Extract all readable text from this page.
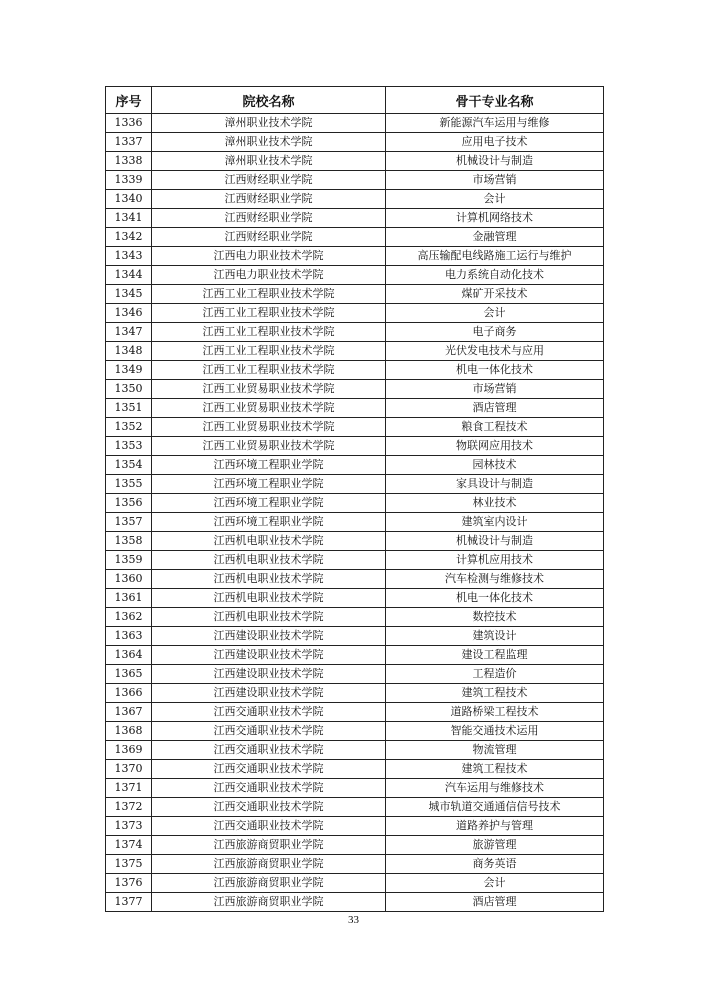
序号	院校名称	骨干专业名称
1336	漳州职业技术学院	新能源汽车运用与维修
1337	漳州职业技术学院	应用电子技术
1338	漳州职业技术学院	机械设计与制造
1339	江西财经职业学院	市场营销
1340	江西财经职业学院	会计
1341	江西财经职业学院	计算机网络技术
1342	江西财经职业学院	金融管理
1343	江西电力职业技术学院	高压输配电线路施工运行与维护
1344	江西电力职业技术学院	电力系统自动化技术
1345	江西工业工程职业技术学院	煤矿开采技术
1346	江西工业工程职业技术学院	会计
1347	江西工业工程职业技术学院	电子商务
1348	江西工业工程职业技术学院	光伏发电技术与应用
1349	江西工业工程职业技术学院	机电一体化技术
1350	江西工业贸易职业技术学院	市场营销
1351	江西工业贸易职业技术学院	酒店管理
1352	江西工业贸易职业技术学院	粮食工程技术
1353	江西工业贸易职业技术学院	物联网应用技术
1354	江西环境工程职业学院	园林技术
1355	江西环境工程职业学院	家具设计与制造
1356	江西环境工程职业学院	林业技术
1357	江西环境工程职业学院	建筑室内设计
1358	江西机电职业技术学院	机械设计与制造
1359	江西机电职业技术学院	计算机应用技术
1360	江西机电职业技术学院	汽车检测与维修技术
1361	江西机电职业技术学院	机电一体化技术
1362	江西机电职业技术学院	数控技术
1363	江西建设职业技术学院	建筑设计
1364	江西建设职业技术学院	建设工程监理
1365	江西建设职业技术学院	工程造价
1366	江西建设职业技术学院	建筑工程技术
1367	江西交通职业技术学院	道路桥梁工程技术
1368	江西交通职业技术学院	智能交通技术运用
1369	江西交通职业技术学院	物流管理
1370	江西交通职业技术学院	建筑工程技术
1371	江西交通职业技术学院	汽车运用与维修技术
1372	江西交通职业技术学院	城市轨道交通通信信号技术
1373	江西交通职业技术学院	道路养护与管理
1374	江西旅游商贸职业学院	旅游管理
1375	江西旅游商贸职业学院	商务英语
1376	江西旅游商贸职业学院	会计
1377	江西旅游商贸职业学院	酒店管理
33
